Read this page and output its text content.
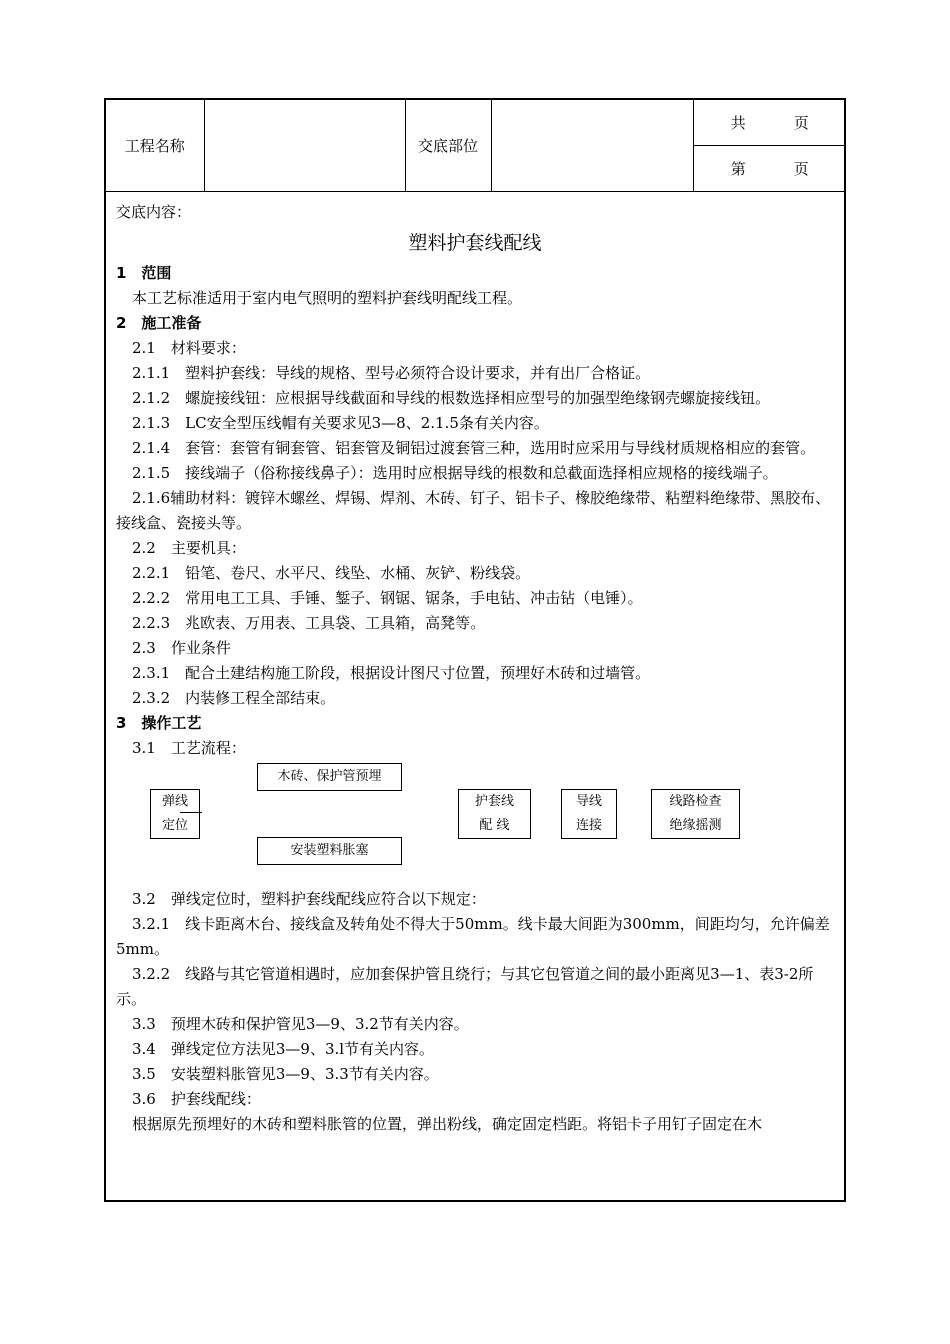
工程名称		交底部位		共	页
第	页

交底内容：

塑料护套线配线

1　范围

本工艺标准适用于室内电气照明的塑料护套线明配线工程。

2　施工准备

2.1　材料要求：

2.1.1　塑料护套线：导线的规格、型号必须符合设计要求，并有出厂合格证。

2.1.2　螺旋接线钮：应根据导线截面和导线的根数选择相应型号的加强型绝缘钢壳螺旋接线钮。

2.1.3　LC安全型压线帽有关要求见3—8、2.1.5条有关内容。

2.1.4　套管：套管有铜套管、铝套管及铜铝过渡套管三种，选用时应采用与导线材质规格相应的套管。

2.1.5　接线端子（俗称接线鼻子）：选用时应根据导线的根数和总截面选择相应规格的接线端子。

2.1.6辅助材料：镀锌木螺丝、焊锡、焊剂、木砖、钉子、铝卡子、橡胶绝缘带、粘塑料绝缘带、黑胶布、接线盒、瓷接头等。

2.2　主要机具：

2.2.1　铅笔、卷尺、水平尺、线坠、水桶、灰铲、粉线袋。

2.2.2　常用电工工具、手锤、錾子、钢锯、锯条，手电钻、冲击钻（电锤）。

2.2.3　兆欧表、万用表、工具袋、工具箱，高凳等。

2.3　作业条件

2.3.1　配合土建结构施工阶段，根据设计图尺寸位置，预埋好木砖和过墙管。

2.3.2　内装修工程全部结束。

3　操作工艺

3.1　工艺流程：

弹线
定位
木砖、保护管预埋
安装塑料胀塞
护套线
配 线
导线
连接
线路检查
绝缘摇测

3.2　弹线定位时，塑料护套线配线应符合以下规定：

3.2.1　线卡距离木台、接线盒及转角处不得大于50mm。线卡最大间距为300mm，间距均匀，允许偏差5mm。

3.2.2　线路与其它管道相遇时，应加套保护管且绕行；与其它包管道之间的最小距离见3—1、表3-2所示。

3.3　预埋木砖和保护管见3—9、3.2节有关内容。

3.4　弹线定位方法见3—9、3.l节有关内容。

3.5　安装塑料胀管见3—9、3.3节有关内容。

3.6　护套线配线：

根据原先预埋好的木砖和塑料胀管的位置，弹出粉线，确定固定档距。将铝卡子用钉子固定在木
